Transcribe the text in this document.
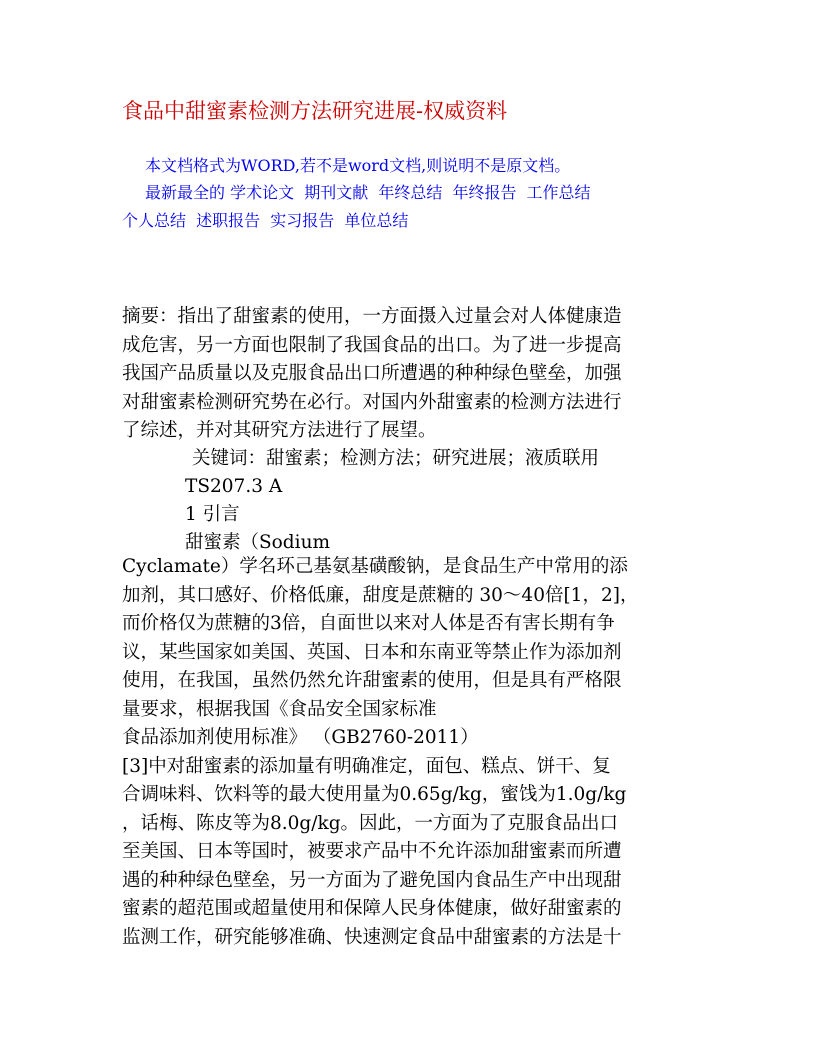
食品中甜蜜素检测方法研究进展-权威资料
本文档格式为WORD,若不是word文档,则说明不是原文档。
最新最全的 学术论文 期刊文献 年终总结 年终报告 工作总结
个人总结 述职报告 实习报告 单位总结
摘要：指出了甜蜜素的使用，一方面摄入过量会对人体健康造
成危害，另一方面也限制了我国食品的出口。为了进一步提高
我国产品质量以及克服食品出口所遭遇的种种绿色壁垒，加强
对甜蜜素检测研究势在必行。对国内外甜蜜素的检测方法进行
了综述，并对其研究方法进行了展望。
关键词：甜蜜素；检测方法；研究进展；液质联用
TS207.3 A
1 引言
甜蜜素（Sodium
Cyclamate）学名环己基氨基磺酸钠，是食品生产中常用的添
加剂，其口感好、价格低廉，甜度是蔗糖的 30～40倍[1，2]，
而价格仅为蔗糖的3倍，自面世以来对人体是否有害长期有争
议，某些国家如美国、英国、日本和东南亚等禁止作为添加剂
使用，在我国，虽然仍然允许甜蜜素的使用，但是具有严格限
量要求，根据我国《食品安全国家标准
食品添加剂使用标准》 （GB2760-2011）
[3]中对甜蜜素的添加量有明确准定，面包、糕点、饼干、复
合调味料、饮料等的最大使用量为0.65g/kg，蜜饯为1.0g/kg
，话梅、陈皮等为8.0g/kg。因此，一方面为了克服食品出口
至美国、日本等国时，被要求产品中不允许添加甜蜜素而所遭
遇的种种绿色壁垒，另一方面为了避免国内食品生产中出现甜
蜜素的超范围或超量使用和保障人民身体健康，做好甜蜜素的
监测工作，研究能够准确、快速测定食品中甜蜜素的方法是十
